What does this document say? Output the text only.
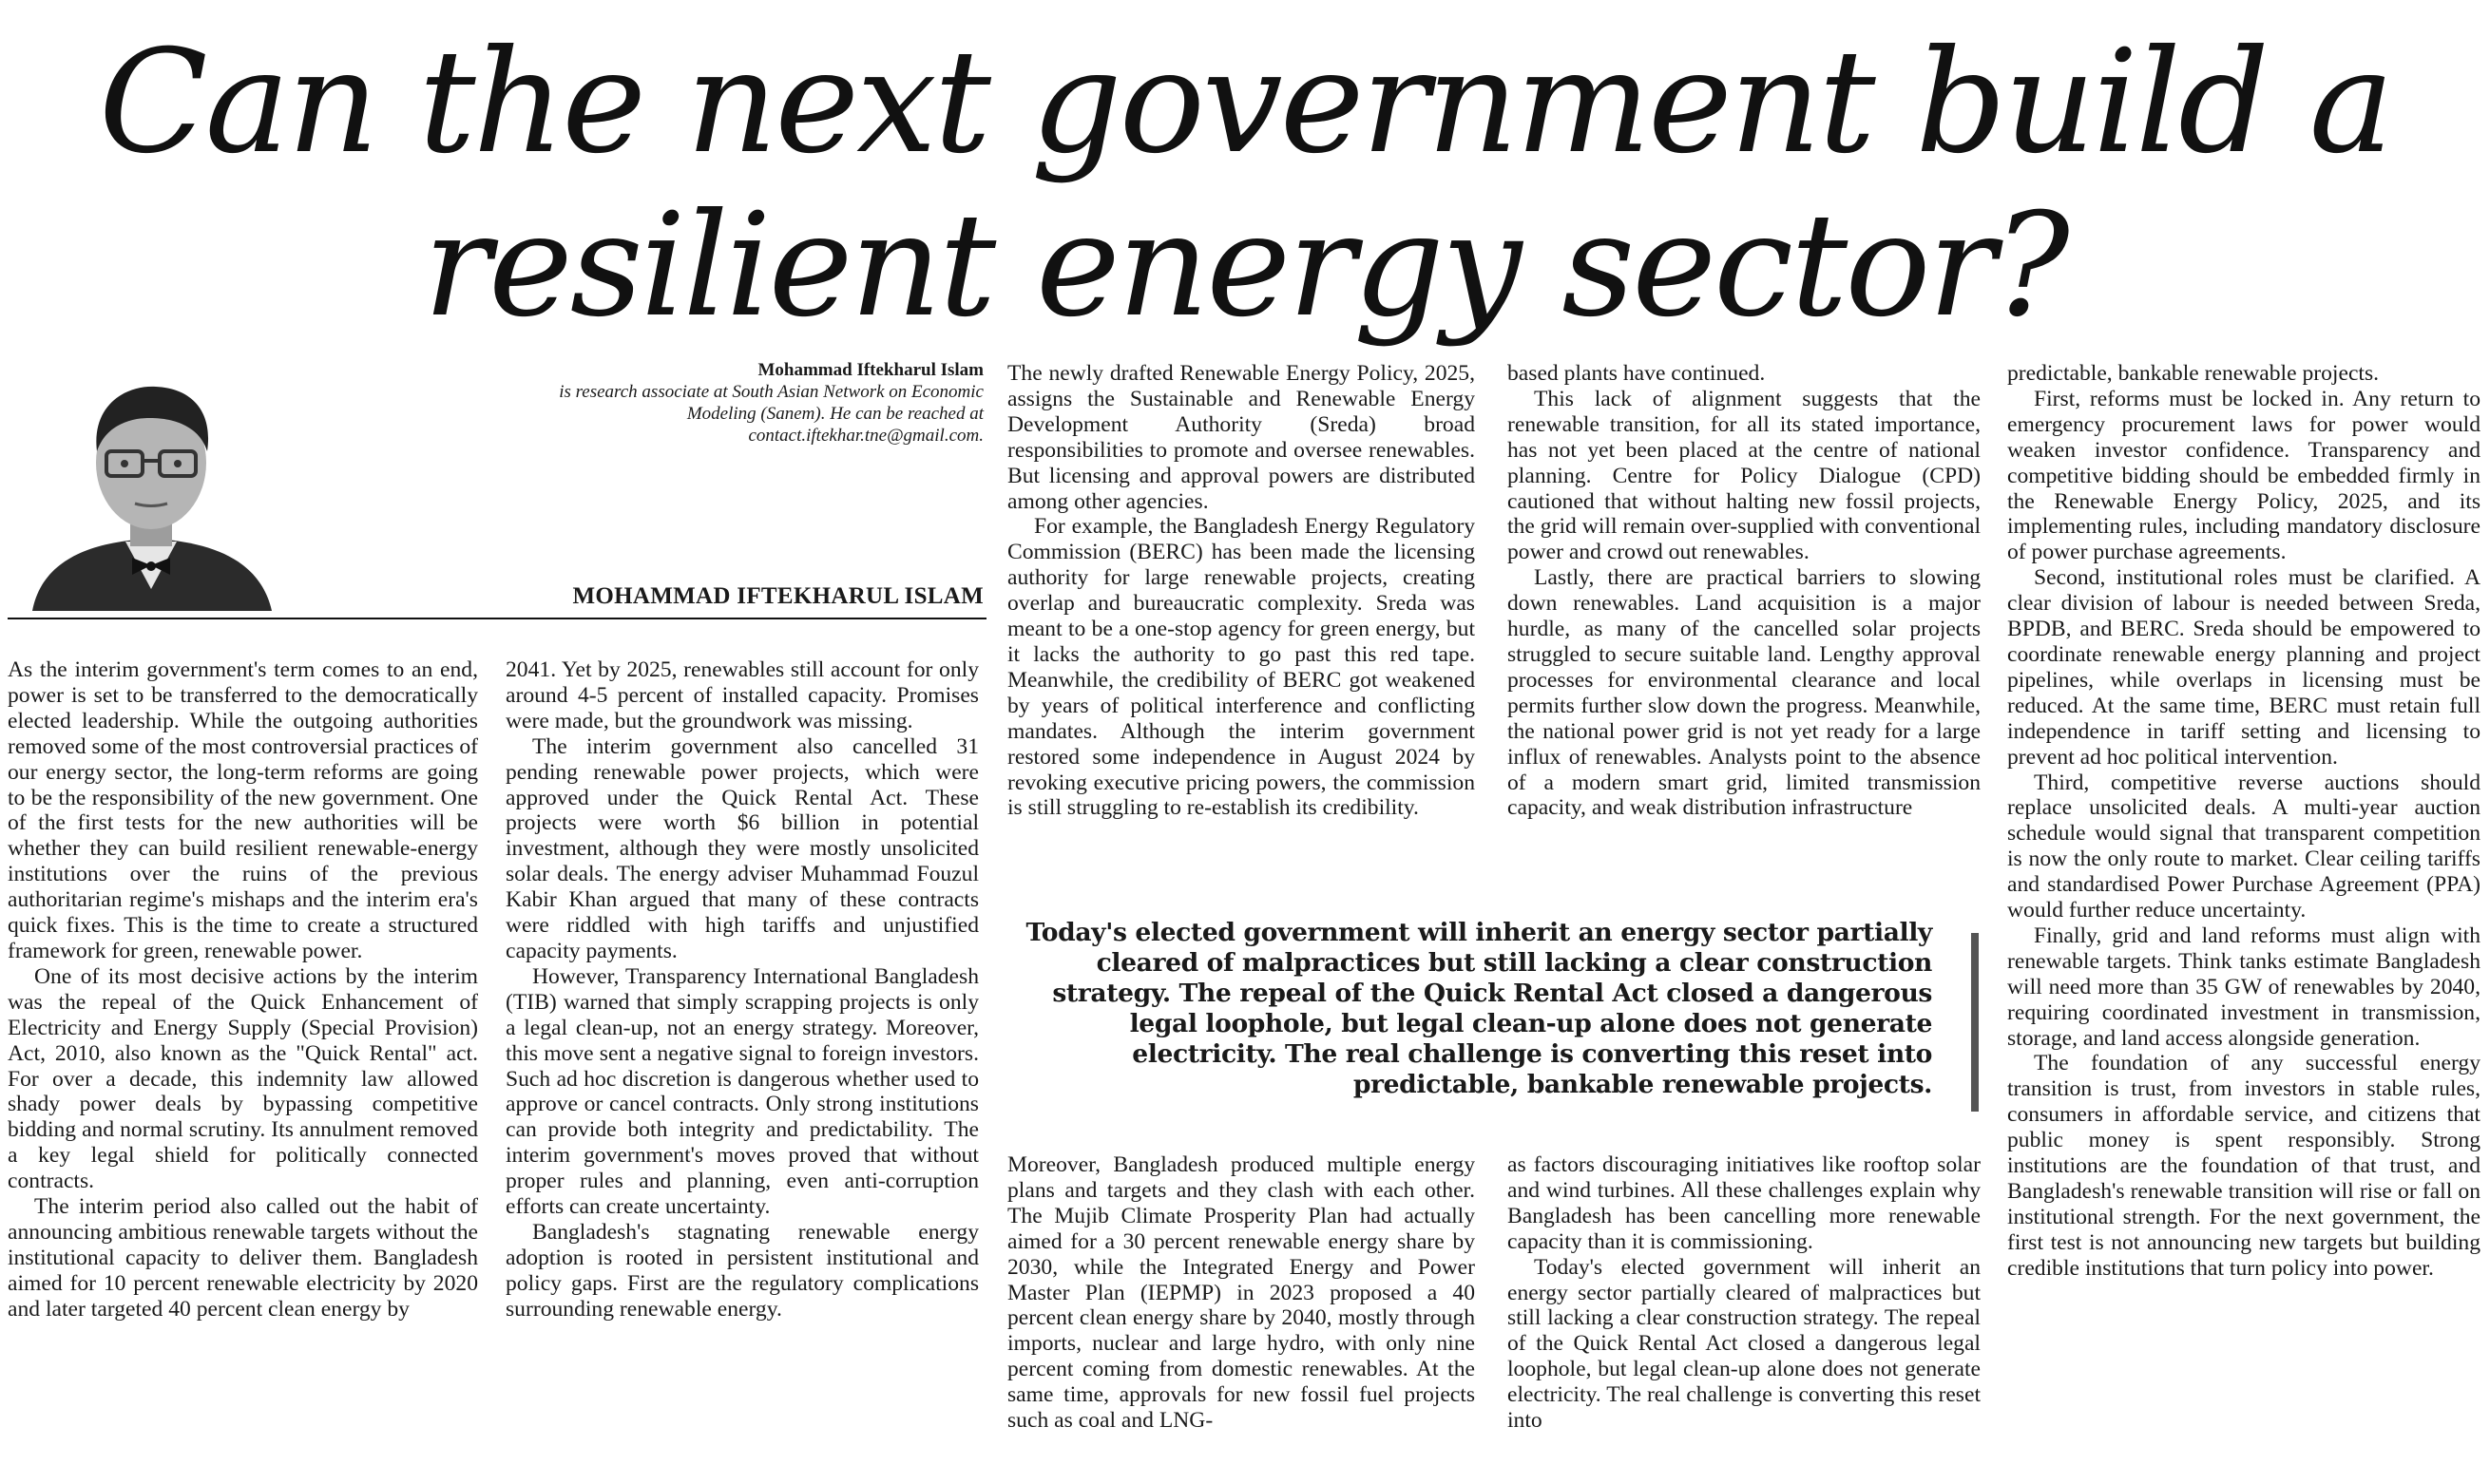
Can the next government build a
resilient energy sector?
Mohammad Iftekharul Islam
is research associate at South Asian Network on Economic Modeling (Sanem). He can be reached at contact.iftekhar.tne@gmail.com.
MOHAMMAD IFTEKHARUL ISLAM

As the interim government's term comes to an end, power is set to be transferred to the democratically elected leadership. While the outgoing authorities removed some of the most controversial practices of our energy sector, the long-term reforms are going to be the responsibility of the new government. One of the first tests for the new authorities will be whether they can build resilient renewable-energy institutions over the ruins of the previous authoritarian regime's mishaps and the interim era's quick fixes. This is the time to create a structured framework for green, renewable power.

One of its most decisive actions by the interim was the repeal of the Quick Enhancement of Electricity and Energy Supply (Special Provision) Act, 2010, also known as the "Quick Rental" act. For over a decade, this indemnity law allowed shady power deals by bypassing competitive bidding and normal scrutiny. Its annulment removed a key legal shield for politically connected contracts.

The interim period also called out the habit of announcing ambitious renewable targets without the institutional capacity to deliver them. Bangladesh aimed for 10 percent renewable electricity by 2020 and later targeted 40 percent clean energy by

2041. Yet by 2025, renewables still account for only around 4-5 percent of installed capacity. Promises were made, but the groundwork was missing.

The interim government also cancelled 31 pending renewable power projects, which were approved under the Quick Rental Act. These projects were worth $6 billion in potential investment, although they were mostly unsolicited solar deals. The energy adviser Muhammad Fouzul Kabir Khan argued that many of these contracts were riddled with high tariffs and unjustified capacity payments.

However, Transparency International Bangladesh (TIB) warned that simply scrapping projects is only a legal clean-up, not an energy strategy. Moreover, this move sent a negative signal to foreign investors. Such ad hoc discretion is dangerous whether used to approve or cancel contracts. Only strong institutions can provide both integrity and predictability. The interim government's moves proved that without proper rules and planning, even anti-corruption efforts can create uncertainty.

Bangladesh's stagnating renewable energy adoption is rooted in persistent institutional and policy gaps. First are the regulatory complications surrounding renewable energy.

The newly drafted Renewable Energy Policy, 2025, assigns the Sustainable and Renewable Energy Development Authority (Sreda) broad responsibilities to promote and oversee renewables. But licensing and approval powers are distributed among other agencies.

For example, the Bangladesh Energy Regulatory Commission (BERC) has been made the licensing authority for large renewable projects, creating overlap and bureaucratic complexity. Sreda was meant to be a one-stop agency for green energy, but it lacks the authority to go past this red tape. Meanwhile, the credibility of BERC got weakened by years of political interference and conflicting mandates. Although the interim government restored some independence in August 2024 by revoking executive pricing powers, the commission is still struggling to re-establish its credibility.

based plants have continued.

This lack of alignment suggests that the renewable transition, for all its stated importance, has not yet been placed at the centre of national planning. Centre for Policy Dialogue (CPD) cautioned that without halting new fossil projects, the grid will remain over-supplied with conventional power and crowd out renewables.

Lastly, there are practical barriers to slowing down renewables. Land acquisition is a major hurdle, as many of the cancelled solar projects struggled to secure suitable land. Lengthy approval processes for environmental clearance and local permits further slow down the progress. Meanwhile, the national power grid is not yet ready for a large influx of renewables. Analysts point to the absence of a modern smart grid, limited transmission capacity, and weak distribution infrastructure

Today's elected government will inherit an energy sector partially cleared of malpractices but still lacking a clear construction strategy. The repeal of the Quick Rental Act closed a dangerous legal loophole, but legal clean-up alone does not generate electricity. The real challenge is converting this reset into predictable, bankable renewable projects.

Moreover, Bangladesh produced multiple energy plans and targets and they clash with each other. The Mujib Climate Prosperity Plan had actually aimed for a 30 percent renewable energy share by 2030, while the Integrated Energy and Power Master Plan (IEPMP) in 2023 proposed a 40 percent clean energy share by 2040, mostly through imports, nuclear and large hydro, with only nine percent coming from domestic renewables. At the same time, approvals for new fossil fuel projects such as coal and LNG-

as factors discouraging initiatives like rooftop solar and wind turbines. All these challenges explain why Bangladesh has been cancelling more renewable capacity than it is commissioning.

Today's elected government will inherit an energy sector partially cleared of malpractices but still lacking a clear construction strategy. The repeal of the Quick Rental Act closed a dangerous legal loophole, but legal clean-up alone does not generate electricity. The real challenge is converting this reset into

predictable, bankable renewable projects.

First, reforms must be locked in. Any return to emergency procurement laws for power would weaken investor confidence. Transparency and competitive bidding should be embedded firmly in the Renewable Energy Policy, 2025, and its implementing rules, including mandatory disclosure of power purchase agreements.

Second, institutional roles must be clarified. A clear division of labour is needed between Sreda, BPDB, and BERC. Sreda should be empowered to coordinate renewable energy planning and project pipelines, while overlaps in licensing must be reduced. At the same time, BERC must retain full independence in tariff setting and licensing to prevent ad hoc political intervention.

Third, competitive reverse auctions should replace unsolicited deals. A multi-year auction schedule would signal that transparent competition is now the only route to market. Clear ceiling tariffs and standardised Power Purchase Agreement (PPA) would further reduce uncertainty.

Finally, grid and land reforms must align with renewable targets. Think tanks estimate Bangladesh will need more than 35 GW of renewables by 2040, requiring coordinated investment in transmission, storage, and land access alongside generation.

The foundation of any successful energy transition is trust, from investors in stable rules, consumers in affordable service, and citizens that public money is spent responsibly. Strong institutions are the foundation of that trust, and Bangladesh's renewable transition will rise or fall on institutional strength. For the next government, the first test is not announcing new targets but building credible institutions that turn policy into power.
